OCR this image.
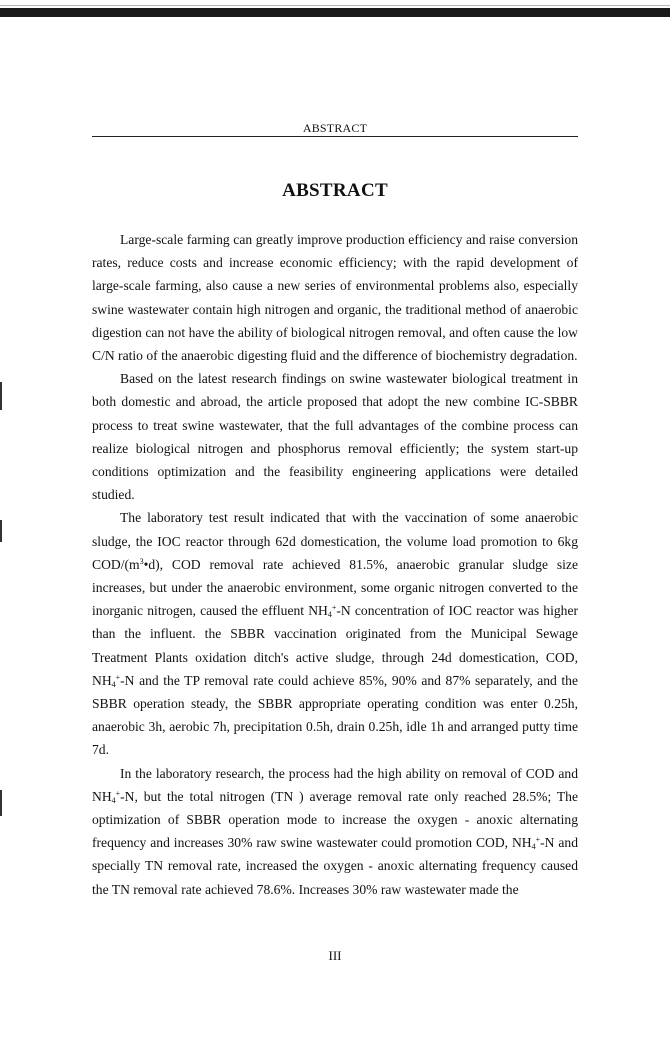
ABSTRACT
ABSTRACT

Large-scale farming can greatly improve production efficiency and raise conversion rates, reduce costs and increase economic efficiency; with the rapid development of large-scale farming, also cause a new series of environmental problems also, especially swine wastewater contain high nitrogen and organic, the traditional method of anaerobic digestion can not have the ability of biological nitrogen removal, and often cause the low C/N ratio of the anaerobic digesting fluid and the difference of biochemistry degradation.

Based on the latest research findings on swine wastewater biological treatment in both domestic and abroad, the article proposed that adopt the new combine IC-SBBR process to treat swine wastewater, that the full advantages of the combine process can realize biological nitrogen and phosphorus removal efficiently; the system start-up conditions optimization and the feasibility engineering applications were detailed studied.

The laboratory test result indicated that with the vaccination of some anaerobic sludge, the IOC reactor through 62d domestication, the volume load promotion to 6kg COD/$(m^3•d)$, COD removal rate achieved 81.5%, anaerobic granular sludge size increases, but under the anaerobic environment, some organic nitrogen converted to the inorganic nitrogen, caused the effluent $NH_4^+-N$ concentration of IOC reactor was higher than the influent. the SBBR vaccination originated from the Municipal Sewage Treatment Plants oxidation ditch's active sludge, through 24d domestication, COD, $NH_4^+-N$ and the TP removal rate could achieve 85%, 90% and 87% separately, and the SBBR operation steady, the SBBR appropriate operating condition was enter 0.25h, anaerobic 3h, aerobic 7h, precipitation 0.5h, drain 0.25h, idle 1h and arranged putty time 7d.

In the laboratory research, the process had the high ability on removal of COD and $NH_4^+-N$, but the total nitrogen (TN ) average removal rate only reached 28.5%; The optimization of SBBR operation mode to increase the oxygen - anoxic alternating frequency and increases 30% raw swine wastewater could promotion COD, $NH_4^+-N$ and specially TN removal rate, increased the oxygen - anoxic alternating frequency caused the TN removal rate achieved 78.6%. Increases 30% raw wastewater made the

III
